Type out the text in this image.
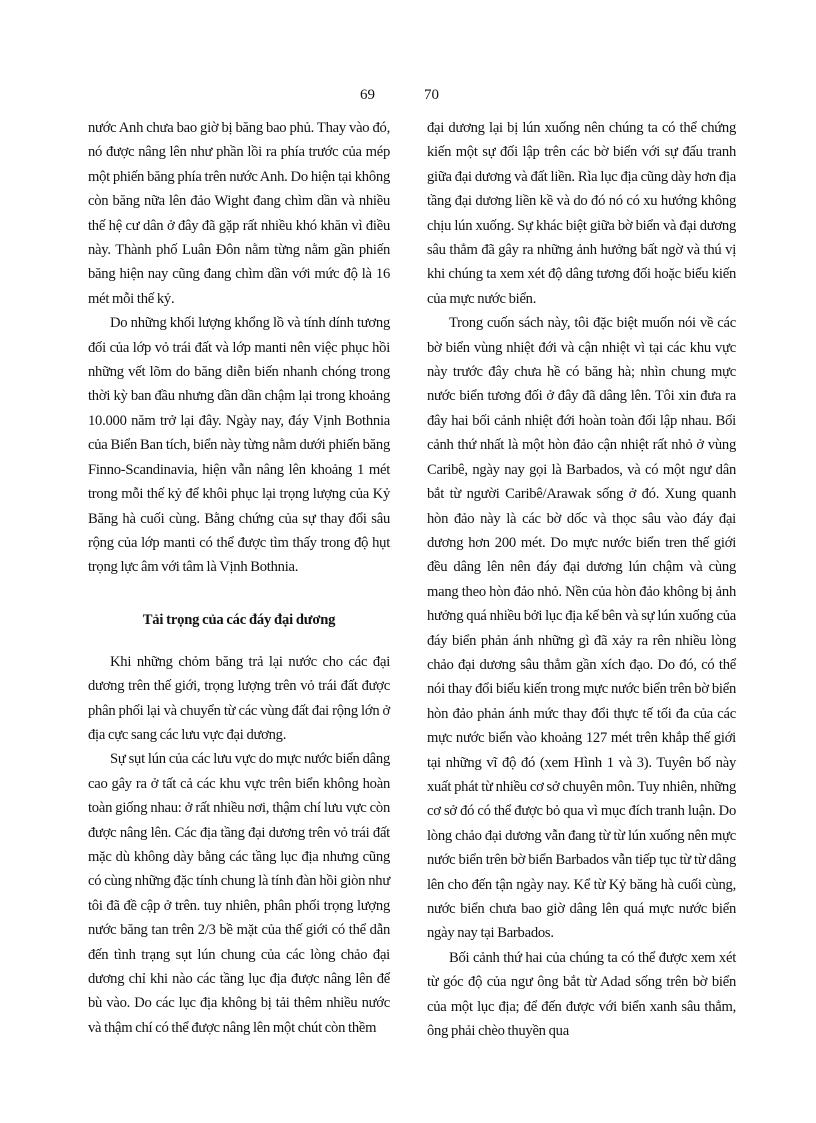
69	70

nước Anh chưa bao giờ bị băng bao phủ. Thay vào đó, nó được nâng lên như phần lồi ra phía trước của mép một phiến băng phía trên nước Anh. Do hiện tại không còn băng nữa lên đảo Wight đang chìm dần và nhiều thế hệ cư dân ở đây đã gặp rất nhiều khó khăn vì điều này. Thành phố Luân Đôn nằm từng nằm gần phiến băng hiện nay cũng đang chìm dần với mức độ là 16 mét mỗi thế kỷ.

Do những khối lượng khổng lồ và tính dính tương đối của lớp vỏ trái đất và lớp manti nên việc phục hồi những vết lõm do băng diễn biến nhanh chóng trong thời kỳ ban đầu nhưng dần dần chậm lại trong khoảng 10.000 năm trở lại đây. Ngày nay, đáy Vịnh Bothnia của Biển Ban tích, biển này từng nằm dưới phiến băng Finno-Scandinavia, hiện vẫn nâng lên khoảng 1 mét trong mỗi thế kỷ để khôi phục lại trọng lượng của Kỷ Băng hà cuối cùng. Bằng chứng của sự thay đổi sâu rộng của lớp manti có thể được tìm thấy trong độ hụt trọng lực âm với tâm là Vịnh Bothnia.

Tải trọng của các đáy đại dương

Khi những chỏm băng trả lại nước cho các đại dương trên thế giới, trọng lượng trên vỏ trái đất được phân phối lại và chuyển từ các vùng đất đai rộng lớn ở địa cực sang các lưu vực đại dương.

Sự sụt lún của các lưu vực do mực nước biển dâng cao gây ra ở tất cả các khu vực trên biển không hoàn toàn giống nhau: ở rất nhiều nơi, thậm chí lưu vực còn được nâng lên. Các địa tầng đại dương trên vỏ trái đất mặc dù không dày bằng các tầng lục địa nhưng cũng có cùng những đặc tính chung là tính đàn hồi giòn như tôi đã đề cập ở trên. tuy nhiên, phân phối trọng lượng nước băng tan trên 2/3 bề mặt của thế giới có thể dẫn đến tình trạng sụt lún chung của các lòng chảo đại dương chỉ khi nào các tầng lục địa được nâng lên để bù vào. Do các lục địa không bị tải thêm nhiều nước và thậm chí có thể được nâng lên một chút còn thềm

đại dương lại bị lún xuống nên chúng ta có thể chứng kiến một sự đối lập trên các bờ biển với sự đấu tranh giữa đại dương và đất liền. Rìa lục địa cũng dày hơn địa tầng đại dương liền kề và do đó nó có xu hướng không chịu lún xuống. Sự khác biệt giữa bờ biển và đại dương sâu thẳm đã gây ra những ảnh hưởng bất ngờ và thú vị khi chúng ta xem xét độ dâng tương đối hoặc biểu kiến của mực nước biển.

Trong cuốn sách này, tôi đặc biệt muốn nói về các bờ biển vùng nhiệt đới và cận nhiệt vì tại các khu vực này trước đây chưa hề có băng hà; nhìn chung mực nước biển tương đối ở đây đã dâng lên. Tôi xin đưa ra đây hai bối cảnh nhiệt đới hoàn toàn đối lập nhau. Bối cảnh thứ nhất là một hòn đảo cận nhiệt rất nhỏ ở vùng Caribê, ngày nay gọi là Barbados, và có một ngư dân bắt từ người Caribê/Arawak sống ở đó. Xung quanh hòn đảo này là các bờ dốc và thọc sâu vào đáy đại dương hơn 200 mét. Do mực nước biển tren thế giới đều dâng lên nên đáy đại dương lún chậm và cùng mang theo hòn đảo nhỏ. Nền của hòn đảo không bị ảnh hưởng quá nhiều bởi lục địa kế bên và sự lún xuống của đáy biển phản ánh những gì đã xảy ra rên nhiều lòng chảo đại dương sâu thẳm gần xích đạo. Do đó, có thể nói thay đổi biểu kiến trong mực nước biển trên bờ biển hòn đảo phản ánh mức thay đổi thực tế tối đa của các mực nước biển vào khoảng 127 mét trên khắp thế giới tại những vĩ độ đó (xem Hình 1 và 3). Tuyên bố này xuất phát từ nhiều cơ sở chuyên môn. Tuy nhiên, những cơ sở đó có thể được bỏ qua vì mục đích tranh luận. Do lòng chảo đại dương vẫn đang từ từ lún xuống nên mực nước biển trên bờ biển Barbados vẫn tiếp tục từ từ dâng lên cho đến tận ngày nay. Kể từ Kỷ băng hà cuối cùng, nước biển chưa bao giờ dâng lên quá mực nước biển ngày nay tại Barbados.

Bối cảnh thứ hai của chúng ta có thể được xem xét từ góc độ của ngư ông bắt từ Adad sống trên bờ biển của một lục địa; để đến được với biển xanh sâu thẳm, ông phải chèo thuyền qua
